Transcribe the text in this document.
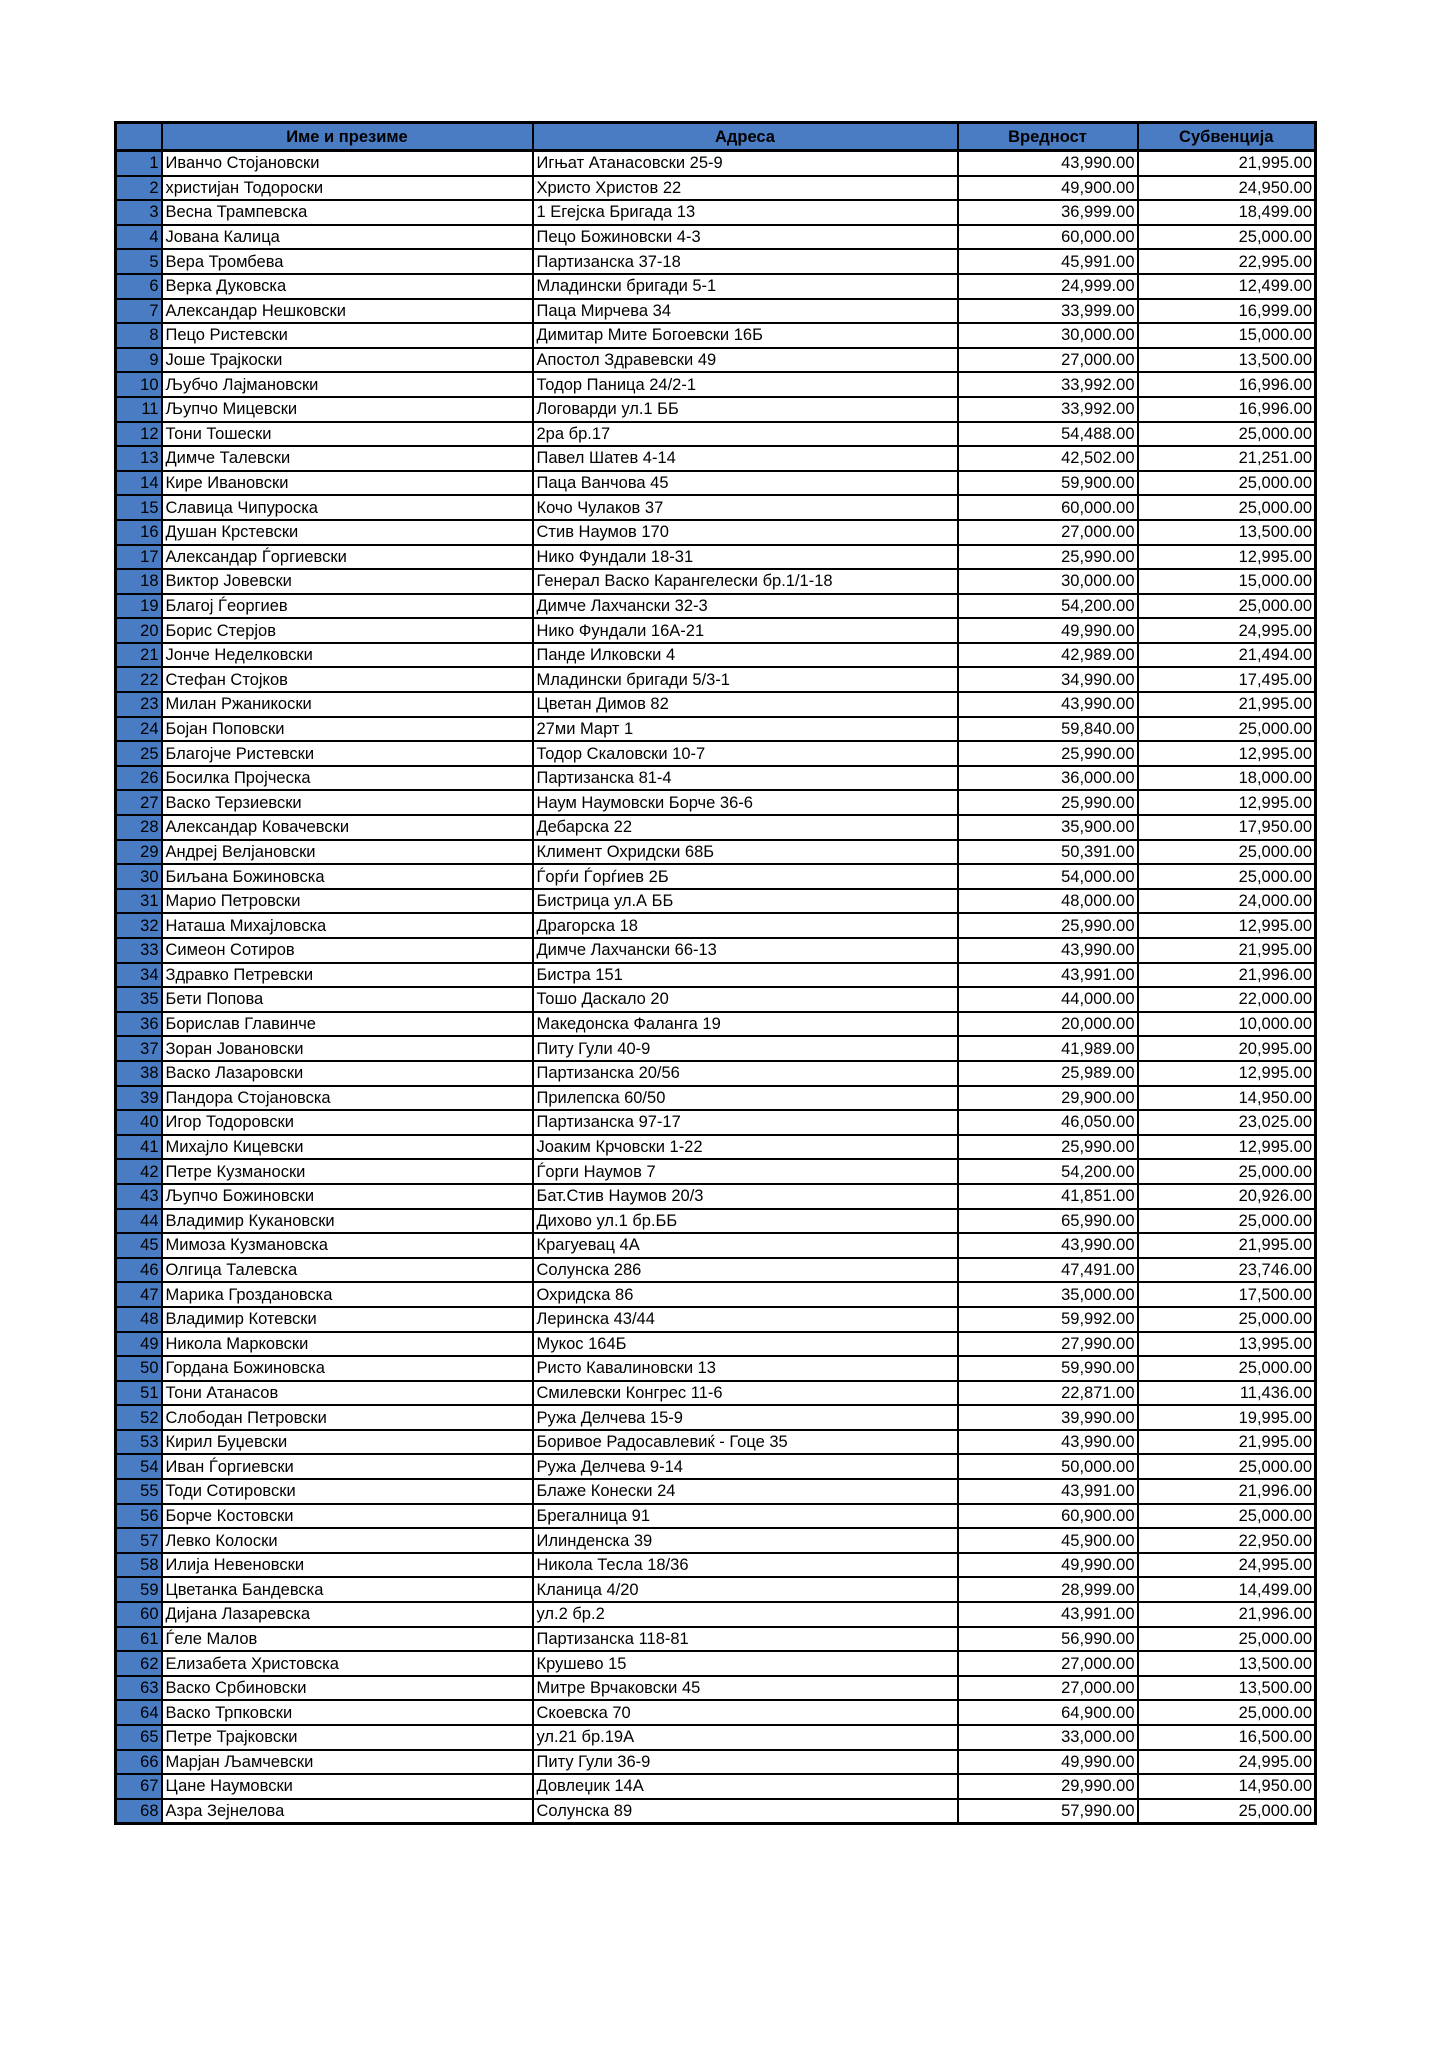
	Име и презиме	Адреса	Вредност	Субвенција
1	Иванчо Стојановски	Игњат Атанасовски 25-9	43,990.00	21,995.00
2	христијан Тодороски	Христо Христов 22	49,900.00	24,950.00
3	Весна Трампевска	1 Егејска Бригада 13	36,999.00	18,499.00
4	Јована Калица	Пецо Божиновски 4-3	60,000.00	25,000.00
5	Вера Тромбева	Партизанска 37-18	45,991.00	22,995.00
6	Верка Дуковска	Младински бригади 5-1	24,999.00	12,499.00
7	Александар Нешковски	Паца Мирчева 34	33,999.00	16,999.00
8	Пецо Ристевски	Димитар Мите Богоевски 16Б	30,000.00	15,000.00
9	Јоше Трајкоски	Апостол Здравевски 49	27,000.00	13,500.00
10	Љубчо Лајмановски	Тодор Паница 24/2-1	33,992.00	16,996.00
11	Љупчо Мицевски	Логоварди ул.1 ББ	33,992.00	16,996.00
12	Тони Тошески	2ра бр.17	54,488.00	25,000.00
13	Димче Талевски	Павел Шатев 4-14	42,502.00	21,251.00
14	Кире Ивановски	Паца Ванчова 45	59,900.00	25,000.00
15	Славица Чипуроска	Кочо Чулаков 37	60,000.00	25,000.00
16	Душан Крстевски	Стив Наумов 170	27,000.00	13,500.00
17	Александар Ѓоргиевски	Нико Фундали 18-31	25,990.00	12,995.00
18	Виктор Јовевски	Генерал Васко Карангелески бр.1/1-18	30,000.00	15,000.00
19	Благој Ѓеоргиев	Димче Лахчански 32-3	54,200.00	25,000.00
20	Борис Стерјов	Нико Фундали 16А-21	49,990.00	24,995.00
21	Јонче Неделковски	Панде Илковски 4	42,989.00	21,494.00
22	Стефан Стојков	Младински бригади 5/3-1	34,990.00	17,495.00
23	Милан Ржаникоски	Цветан Димов 82	43,990.00	21,995.00
24	Бојан Поповски	27ми Март 1	59,840.00	25,000.00
25	Благојче Ристевски	Тодор Скаловски 10-7	25,990.00	12,995.00
26	Босилка Пројческа	Партизанска 81-4	36,000.00	18,000.00
27	Васко Терзиевски	Наум Наумовски Борче 36-6	25,990.00	12,995.00
28	Александар Ковачевски	Дебарска 22	35,900.00	17,950.00
29	Андреј Велјановски	Климент Охридски 68Б	50,391.00	25,000.00
30	Биљана Божиновска	Ѓорѓи Ѓорѓиев 2Б	54,000.00	25,000.00
31	Марио Петровски	Бистрица ул.А ББ	48,000.00	24,000.00
32	Наташа Михајловска	Драгорска 18	25,990.00	12,995.00
33	Симеон Сотиров	Димче Лахчански 66-13	43,990.00	21,995.00
34	Здравко Петревски	Бистра 151	43,991.00	21,996.00
35	Бети Попова	Тошо Даскало 20	44,000.00	22,000.00
36	Борислав Главинче	Македонска Фаланга 19	20,000.00	10,000.00
37	Зоран Јовановски	Питу Гули 40-9	41,989.00	20,995.00
38	Васко Лазаровски	Партизанска 20/56	25,989.00	12,995.00
39	Пандора Стојановска	Прилепска 60/50	29,900.00	14,950.00
40	Игор Тодоровски	Партизанска 97-17	46,050.00	23,025.00
41	Михајло Кицевски	Јоаким Крчовски 1-22	25,990.00	12,995.00
42	Петре Кузманоски	Ѓорги Наумов 7	54,200.00	25,000.00
43	Љупчо Божиновски	Бат.Стив Наумов 20/3	41,851.00	20,926.00
44	Владимир Кукановски	Дихово ул.1 бр.ББ	65,990.00	25,000.00
45	Мимоза Кузмановска	Крагуевац 4А	43,990.00	21,995.00
46	Олгица Талевска	Солунска 286	47,491.00	23,746.00
47	Марика Гроздановска	Охридска 86	35,000.00	17,500.00
48	Владимир Котевски	Леринска 43/44	59,992.00	25,000.00
49	Никола Марковски	Мукос 164Б	27,990.00	13,995.00
50	Гордана Божиновска	Ристо Кавалиновски 13	59,990.00	25,000.00
51	Тони Атанасов	Смилевски Конгрес 11-6	22,871.00	11,436.00
52	Слободан Петровски	Ружа Делчева 15-9	39,990.00	19,995.00
53	Кирил Буџевски	Боривое Радосавлевиќ - Гоце 35	43,990.00	21,995.00
54	Иван Ѓоргиевски	Ружа Делчева 9-14	50,000.00	25,000.00
55	Тоди Сотировски	Блаже Конески 24	43,991.00	21,996.00
56	Борче Костовски	Брегалница 91	60,900.00	25,000.00
57	Левко Колоски	Илинденска 39	45,900.00	22,950.00
58	Илија Невеновски	Никола Тесла 18/36	49,990.00	24,995.00
59	Цветанка Бандевска	Кланица 4/20	28,999.00	14,499.00
60	Дијана Лазаревска	ул.2 бр.2	43,991.00	21,996.00
61	Ѓеле Малов	Партизанска 118-81	56,990.00	25,000.00
62	Елизабета Христовска	Крушево 15	27,000.00	13,500.00
63	Васко Србиновски	Митре Врчаковски 45	27,000.00	13,500.00
64	Васко Трпковски	Скоевска 70	64,900.00	25,000.00
65	Петре Трајковски	ул.21 бр.19А	33,000.00	16,500.00
66	Марјан Љамчевски	Питу Гули 36-9	49,990.00	24,995.00
67	Цане Наумовски	Довлеџик 14А	29,990.00	14,950.00
68	Азра Зејнелова	Солунска 89	57,990.00	25,000.00
